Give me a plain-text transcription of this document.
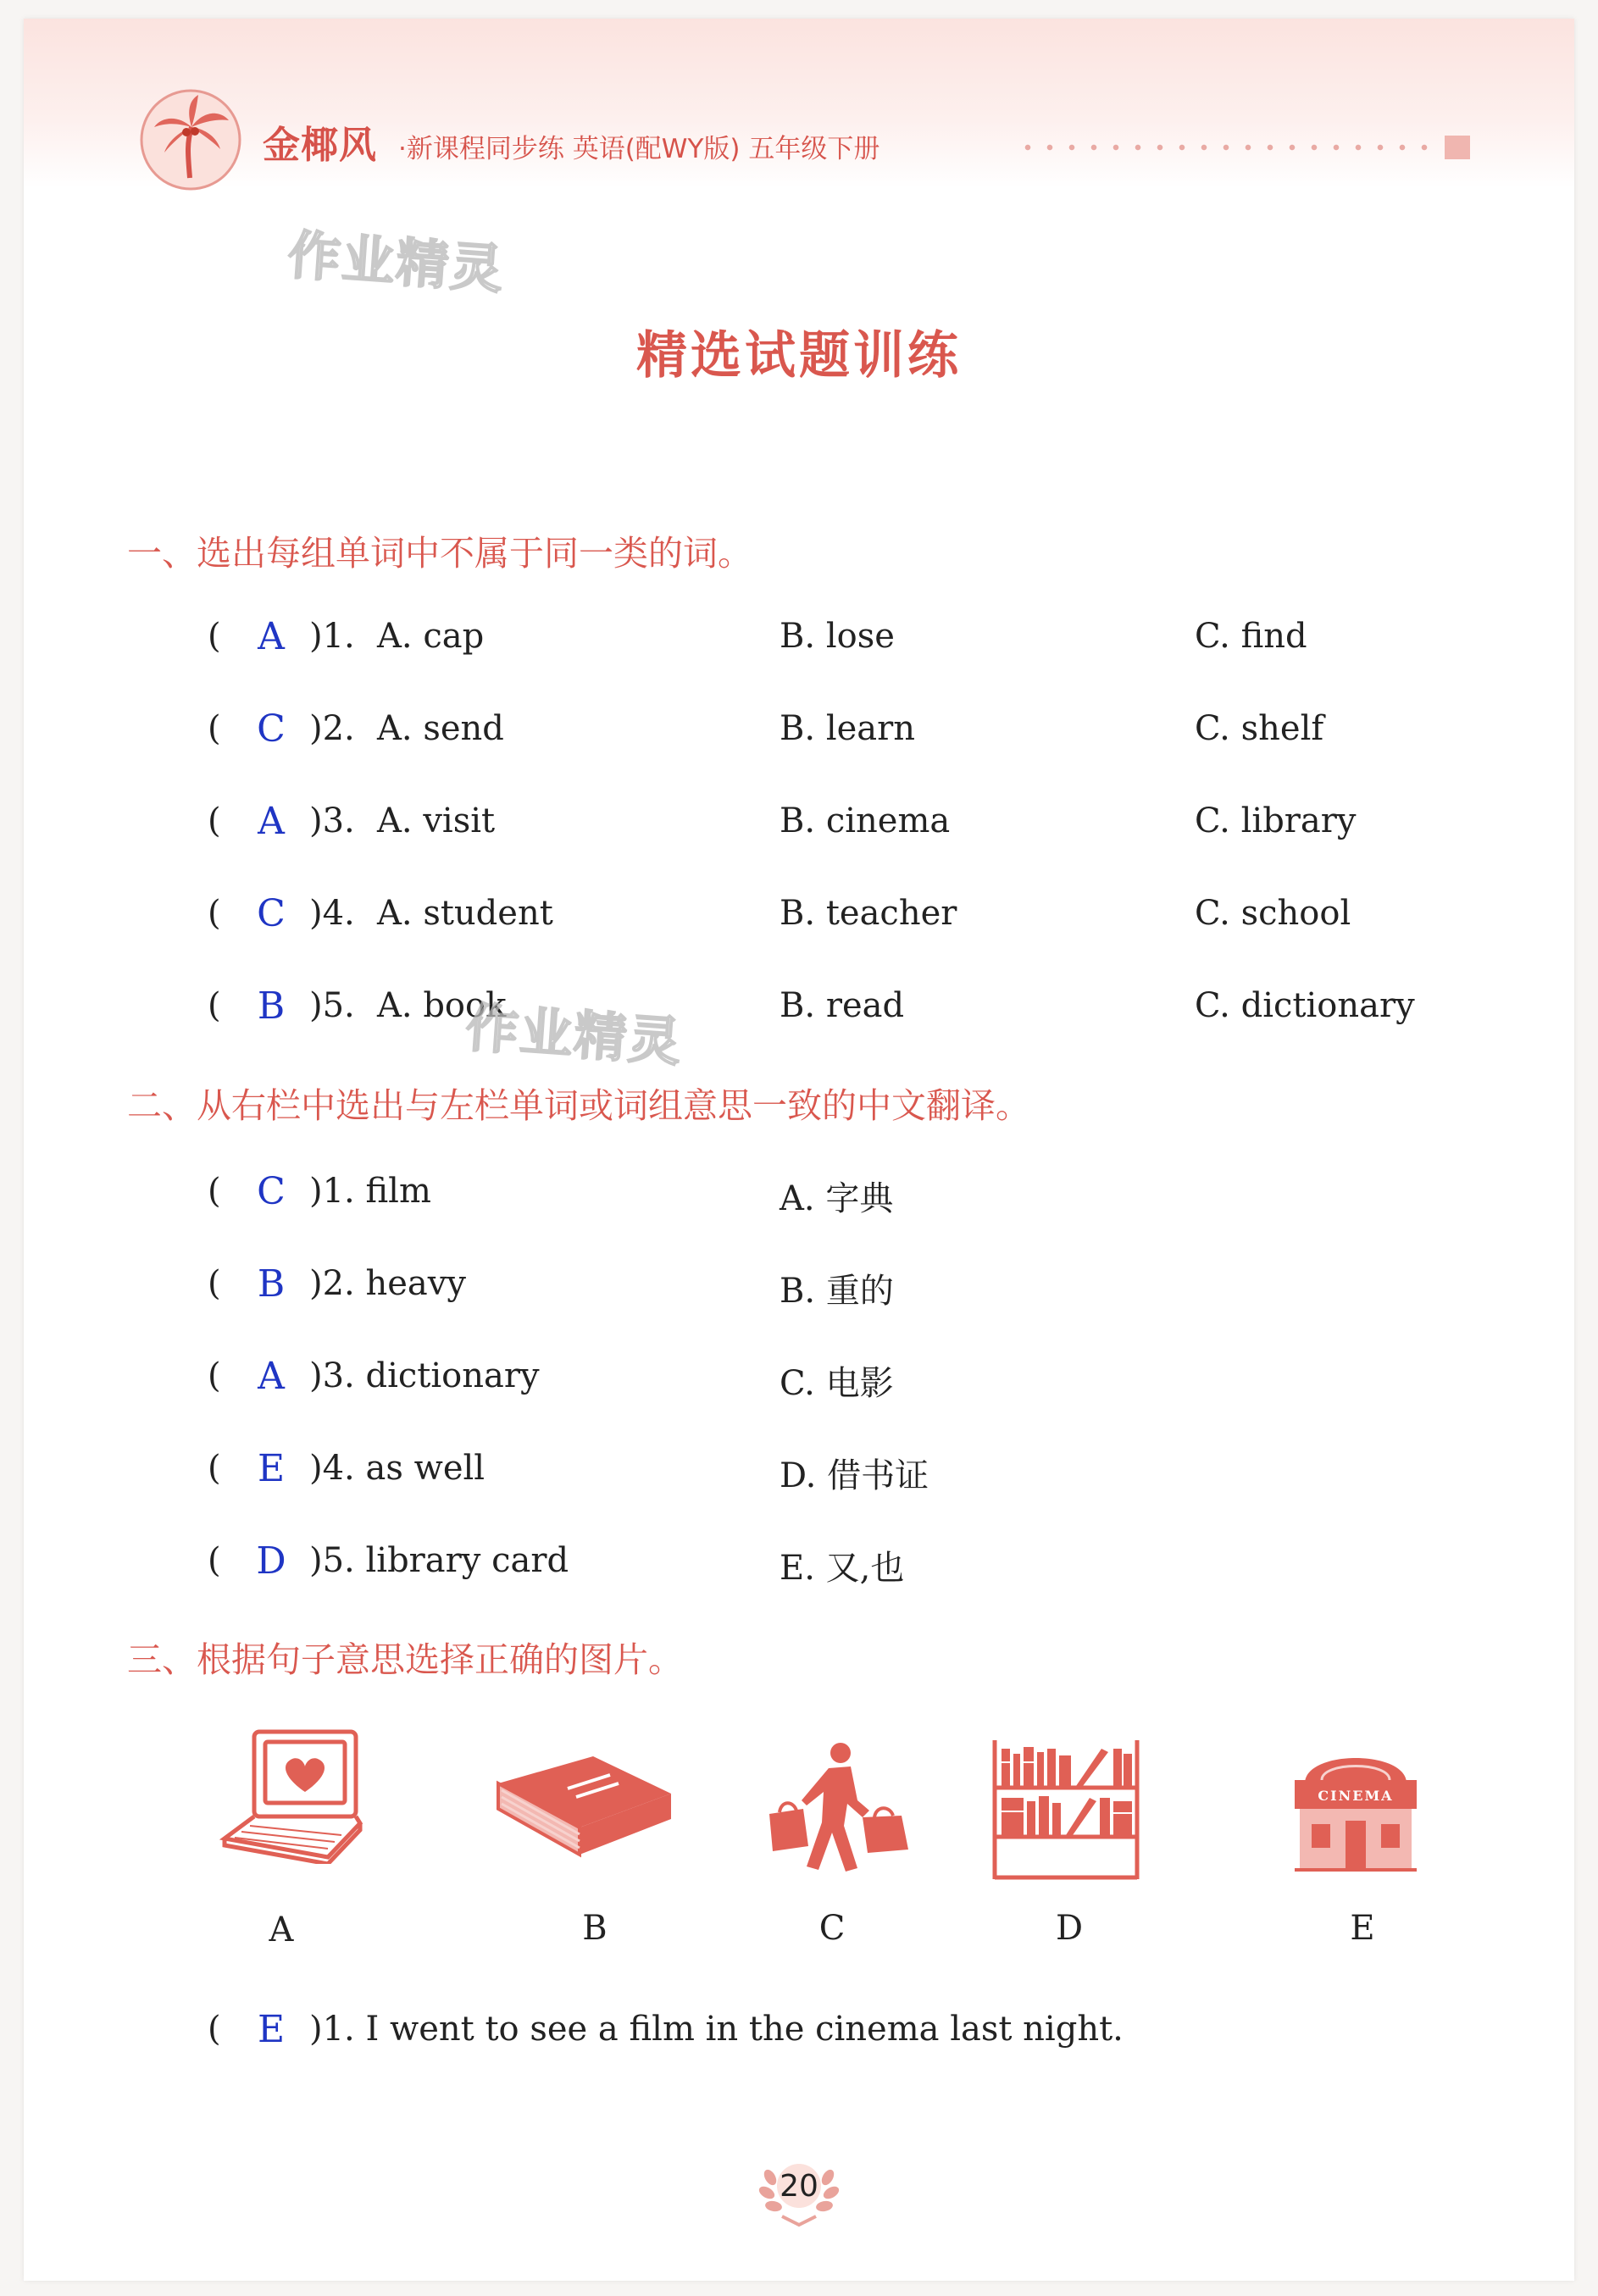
金椰风 ·新课程同步练 英语(配WY版) 五年级下册
作业精灵
精选试题训练
一、选出每组单词中不属于同一类的词。
( A )1. A. cap	B. lose	C. find
( C )2. A. send	B. learn	C. shelf
( A )3. A. visit	B. cinema	C. library
( C )4. A. student	B. teacher	C. school
( B )5. A. book	B. read	C. dictionary
作业精灵
二、从右栏中选出与左栏单词或词组意思一致的中文翻译。
( C )1. film	A. 字典
( B )2. heavy	B. 重的
( A )3. dictionary	C. 电影
( E )4. as well	D. 借书证
( D )5. library card	E. 又,也
三、根据句子意思选择正确的图片。
CINEMA
A	B	C	D	E
( E )1. I went to see a film in the cinema last night.
20
